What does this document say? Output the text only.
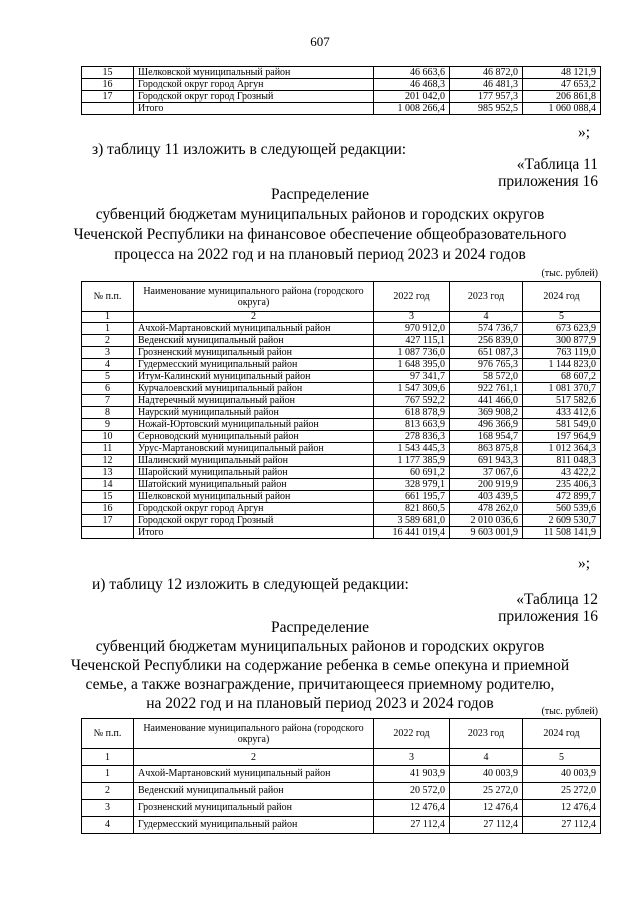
607
15	Шелковской муниципальный район	46 663,6	46 872,0	48 121,9
16	Городской округ город Аргун	46 468,3	46 481,3	47 653,2
17	Городской округ город Грозный	201 042,0	177 957,3	206 861,8
	Итого	1 008 266,4	985 952,5	1 060 088,4
»;
з) таблицу 11 изложить в следующей редакции:
«Таблица 11
приложения 16
Распределение
субвенций бюджетам муниципальных районов и городских округов
Чеченской Республики на финансовое обеспечение общеобразовательного
процесса на 2022 год и на плановый период 2023 и 2024 годов
(тыс. рублей)
№ п.п.	Наименование муниципального района (городского округа)	2022 год	2023 год	2024 год
1	2	3	4	5
1	Ачхой-Мартановский муниципальный район	970 912,0	574 736,7	673 623,9
2	Веденский муниципальный район	427 115,1	256 839,0	300 877,9
3	Грозненский муниципальный район	1 087 736,0	651 087,3	763 119,0
4	Гудермесский муниципальный район	1 648 395,0	976 765,3	1 144 823,0
5	Итум-Калинский муниципальный район	97 341,7	58 572,0	68 607,2
6	Курчалоевский муниципальный район	1 547 309,6	922 761,1	1 081 370,7
7	Надтеречный муниципальный район	767 592,2	441 466,0	517 582,6
8	Наурский муниципальный район	618 878,9	369 908,2	433 412,6
9	Ножай-Юртовский муниципальный район	813 663,9	496 366,9	581 549,0
10	Серноводский муниципальный район	278 836,3	168 954,7	197 964,9
11	Урус-Мартановский муниципальный район	1 543 445,3	863 875,8	1 012 364,3
12	Шалинский муниципальный район	1 177 385,9	691 943,3	811 048,3
13	Шаройский муниципальный район	60 691,2	37 067,6	43 422,2
14	Шатойский муниципальный район	328 979,1	200 919,9	235 406,3
15	Шелковской муниципальный район	661 195,7	403 439,5	472 899,7
16	Городской округ город Аргун	821 860,5	478 262,0	560 539,6
17	Городской округ город Грозный	3 589 681,0	2 010 036,6	2 609 530,7
	Итого	16 441 019,4	9 603 001,9	11 508 141,9
»;
и) таблицу 12 изложить в следующей редакции:
«Таблица 12
приложения 16
Распределение
субвенций бюджетам муниципальных районов и городских округов
Чеченской Республики на содержание ребенка в семье опекуна и приемной
семье, а также вознаграждение, причитающееся приемному родителю,
на 2022 год и на плановый период 2023 и 2024 годов	(тыс. рублей)
№ п.п.	Наименование муниципального района (городского округа)	2022 год	2023 год	2024 год
1	2	3	4	5
1	Ачхой-Мартановский муниципальный район	41 903,9	40 003,9	40 003,9
2	Веденский муниципальный район	20 572,0	25 272,0	25 272,0
3	Грозненский муниципальный район	12 476,4	12 476,4	12 476,4
4	Гудермесский муниципальный район	27 112,4	27 112,4	27 112,4
